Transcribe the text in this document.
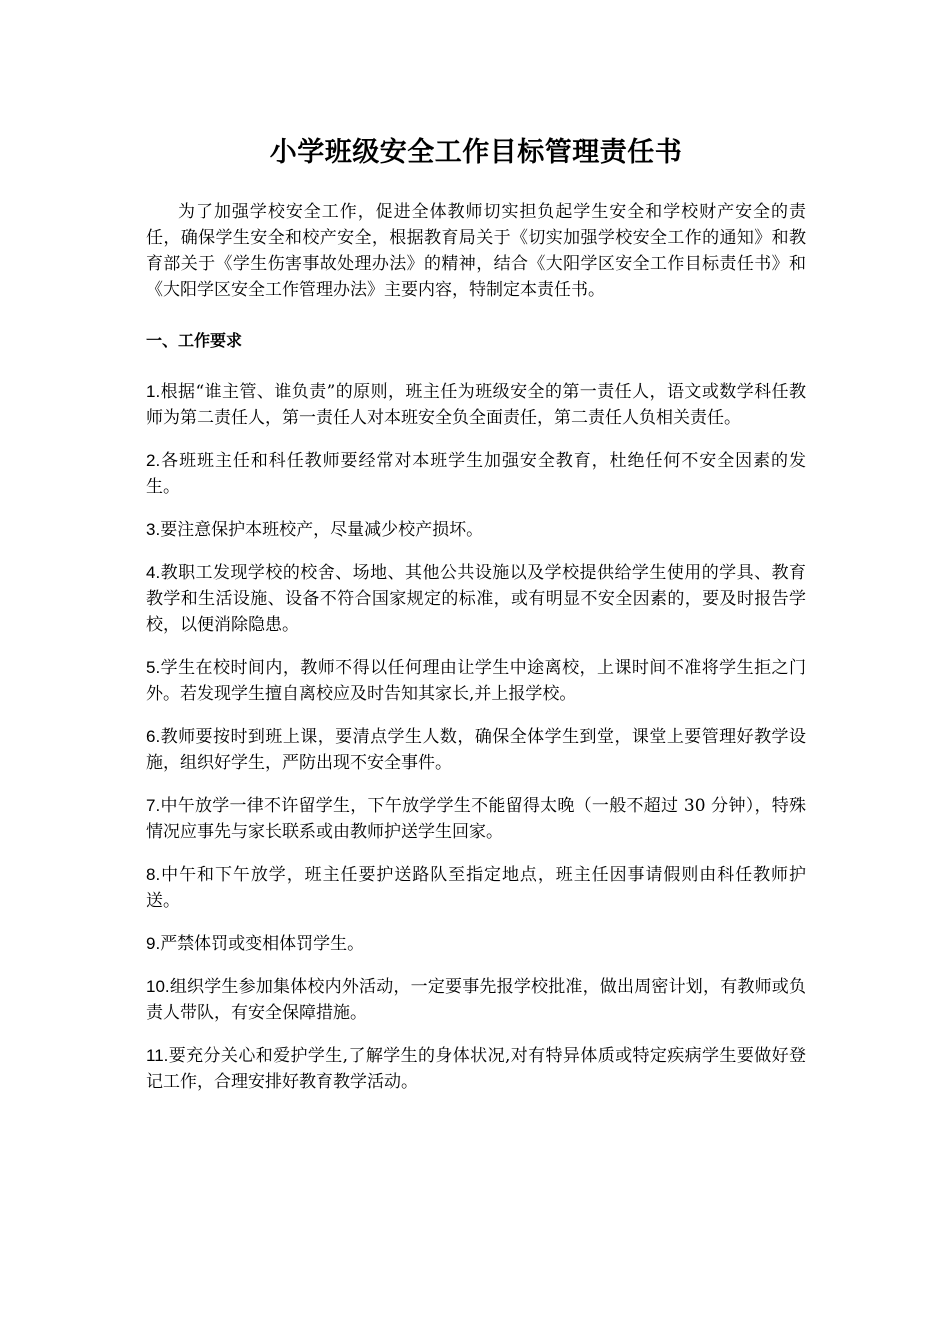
小学班级安全工作目标管理责任书

为了加强学校安全工作，促进全体教师切实担负起学生安全和学校财产安全的责任，确保学生安全和校产安全，根据教育局关于《切实加强学校安全工作的通知》和教育部关于《学生伤害事故处理办法》的精神，结合《大阳学区安全工作目标责任书》和《大阳学区安全工作管理办法》主要内容，特制定本责任书。

一、工作要求

1.根据“谁主管、谁负责”的原则，班主任为班级安全的第一责任人，语文或数学科任教师为第二责任人，第一责任人对本班安全负全面责任，第二责任人负相关责任。

2.各班班主任和科任教师要经常对本班学生加强安全教育，杜绝任何不安全因素的发生。

3.要注意保护本班校产，尽量减少校产损坏。

4.教职工发现学校的校舍、场地、其他公共设施以及学校提供给学生使用的学具、教育教学和生活设施、设备不符合国家规定的标准，或有明显不安全因素的，要及时报告学校，以便消除隐患。

5.学生在校时间内，教师不得以任何理由让学生中途离校，上课时间不准将学生拒之门外。若发现学生擅自离校应及时告知其家长,并上报学校。

6.教师要按时到班上课，要清点学生人数，确保全体学生到堂，课堂上要管理好教学设施，组织好学生，严防出现不安全事件。

7.中午放学一律不许留学生，下午放学学生不能留得太晚（一般不超过 30 分钟），特殊情况应事先与家长联系或由教师护送学生回家。

8.中午和下午放学，班主任要护送路队至指定地点，班主任因事请假则由科任教师护送。

9.严禁体罚或变相体罚学生。

10.组织学生参加集体校内外活动，一定要事先报学校批准，做出周密计划，有教师或负责人带队，有安全保障措施。

11.要充分关心和爱护学生,了解学生的身体状况,对有特异体质或特定疾病学生要做好登记工作，合理安排好教育教学活动。
